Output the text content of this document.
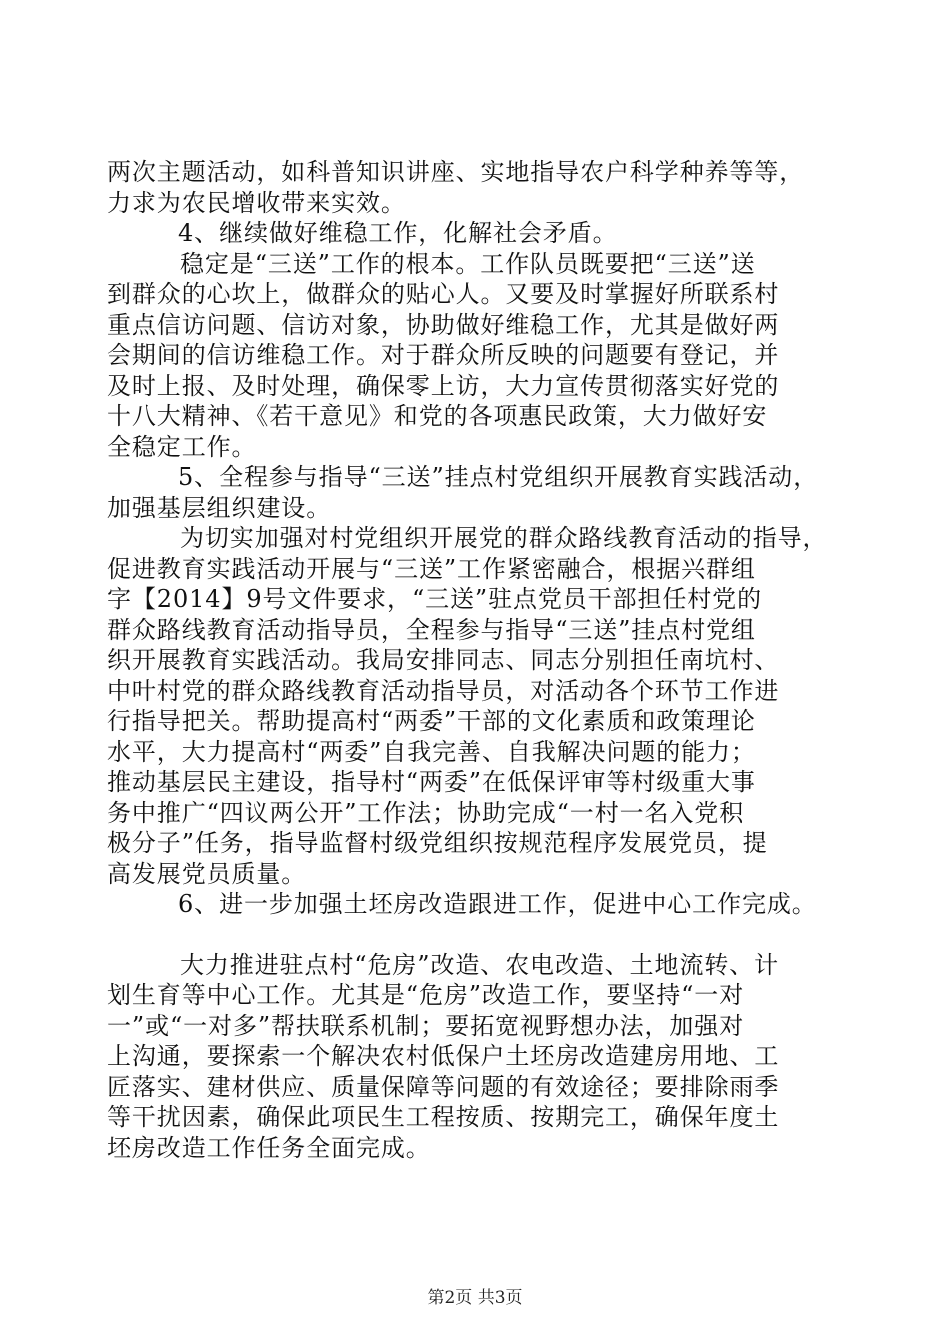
两次主题活动，如科普知识讲座、实地指导农户科学种养等等，
力求为农民增收带来实效。
4、继续做好维稳工作，化解社会矛盾。
稳定是“三送”工作的根本。工作队员既要把“三送”送
到群众的心坎上，做群众的贴心人。又要及时掌握好所联系村
重点信访问题、信访对象，协助做好维稳工作，尤其是做好两
会期间的信访维稳工作。对于群众所反映的问题要有登记，并
及时上报、及时处理，确保零上访，大力宣传贯彻落实好党的
十八大精神、《若干意见》和党的各项惠民政策，大力做好安
全稳定工作。
5、全程参与指导“三送”挂点村党组织开展教育实践活动，
加强基层组织建设。
为切实加强对村党组织开展党的群众路线教育活动的指导，
促进教育实践活动开展与“三送”工作紧密融合，根据兴群组
字【2014】9号文件要求，“三送”驻点党员干部担任村党的
群众路线教育活动指导员，全程参与指导“三送”挂点村党组
织开展教育实践活动。我局安排同志、同志分别担任南坑村、
中叶村党的群众路线教育活动指导员，对活动各个环节工作进
行指导把关。帮助提高村“两委”干部的文化素质和政策理论
水平，大力提高村“两委”自我完善、自我解决问题的能力；
推动基层民主建设，指导村“两委”在低保评审等村级重大事
务中推广“四议两公开”工作法；协助完成“一村一名入党积
极分子”任务，指导监督村级党组织按规范程序发展党员，提
高发展党员质量。
6、进一步加强土坯房改造跟进工作，促进中心工作完成。
大力推进驻点村“危房”改造、农电改造、土地流转、计
划生育等中心工作。尤其是“危房”改造工作，要坚持“一对
一”或“一对多”帮扶联系机制；要拓宽视野想办法，加强对
上沟通，要探索一个解决农村低保户土坯房改造建房用地、工
匠落实、建材供应、质量保障等问题的有效途径；要排除雨季
等干扰因素，确保此项民生工程按质、按期完工，确保年度土
坯房改造工作任务全面完成。
第2页 共3页
